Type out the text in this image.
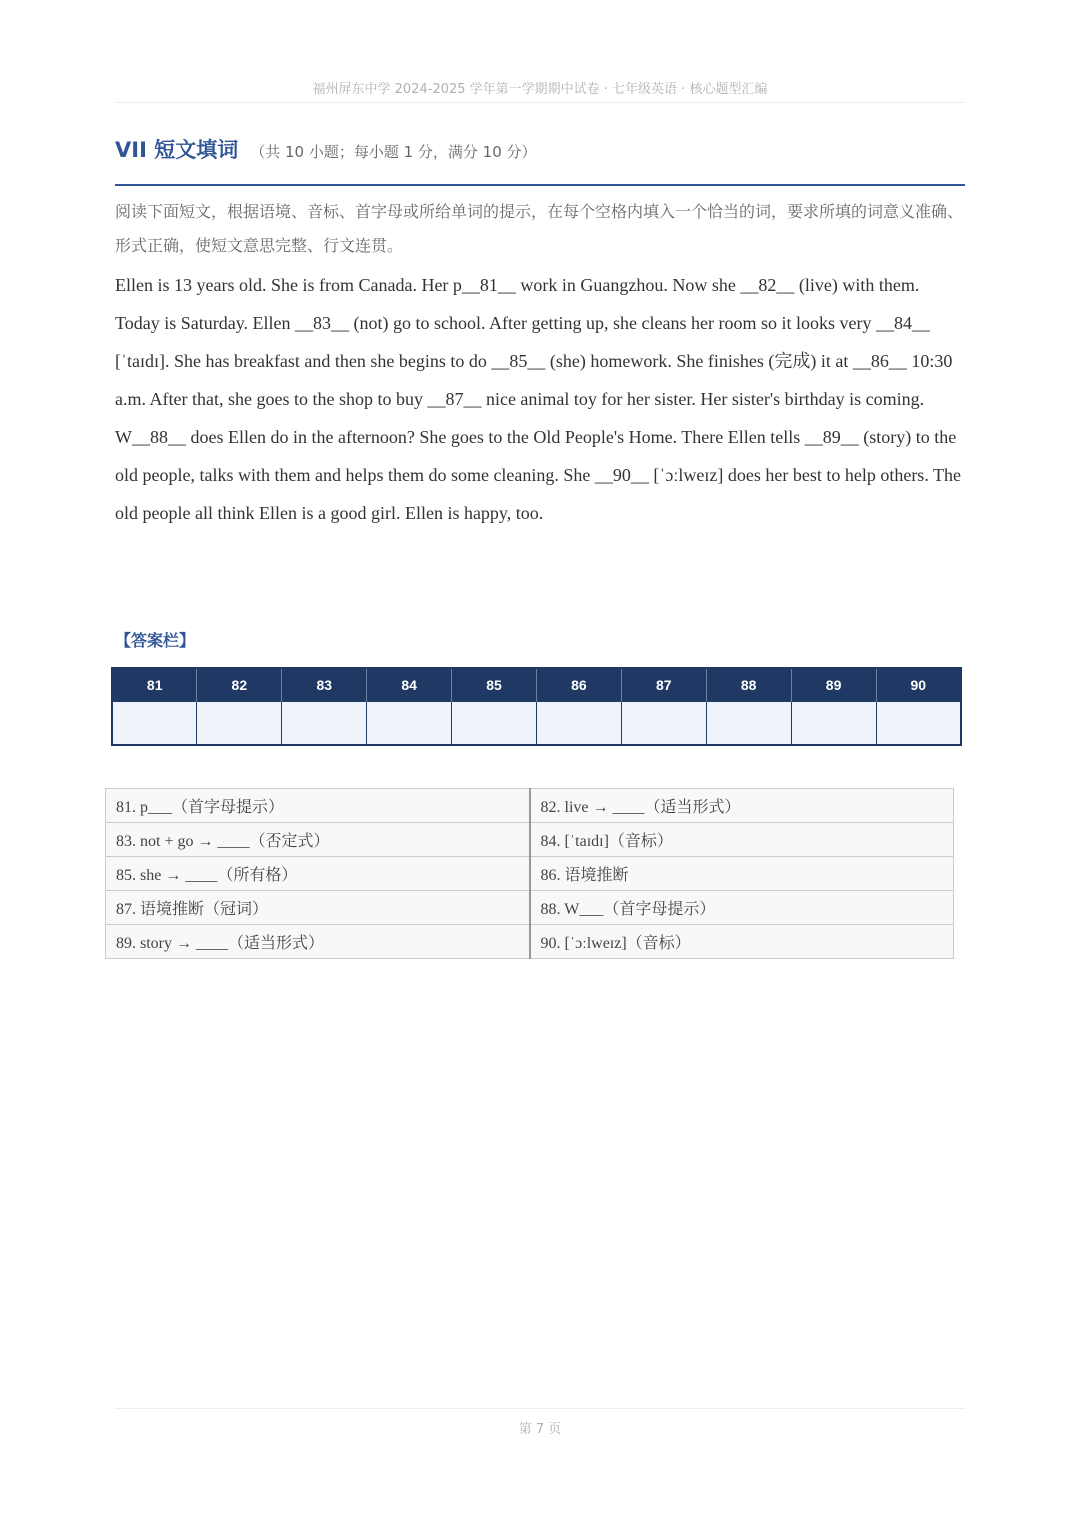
福州屏东中学 2024-2025 学年第一学期期中试卷 · 七年级英语 · 核心题型汇编
VII 短文填词 （共 10 小题；每小题 1 分，满分 10 分）
阅读下面短文，根据语境、音标、首字母或所给单词的提示，在每个空格内填入一个恰当的词，要求所填的词意义准确、形式正确，使短文意思完整、行文连贯。

Ellen is 13 years old. She is from Canada. Her p__81__ work in Guangzhou. Now she __82__ (live) with them.

Today is Saturday. Ellen __83__ (not) go to school. After getting up, she cleans her room so it looks very __84__ [ˈtaɪdɪ]. She has breakfast and then she begins to do __85__ (she) homework. She finishes (完成) it at __86__ 10:30 a.m. After that, she goes to the shop to buy __87__ nice animal toy for her sister. Her sister's birthday is coming.

W__88__ does Ellen do in the afternoon? She goes to the Old People's Home. There Ellen tells __89__ (story) to the old people, talks with them and helps them do some cleaning. She __90__ [ˈɔːlweɪz] does her best to help others. The old people all think Ellen is a good girl. Ellen is happy, too.

【答案栏】
81	82	83	84	85	86	87	88	89	90

81. p___（首字母提示）	82. live → ____（适当形式）
83. not + go → ____（否定式）	84. [ˈtaɪdɪ]（音标）
85. she → ____（所有格）	86. 语境推断
87. 语境推断（冠词）	88. W___（首字母提示）
89. story → ____（适当形式）	90. [ˈɔːlweɪz]（音标）
第 7 页
